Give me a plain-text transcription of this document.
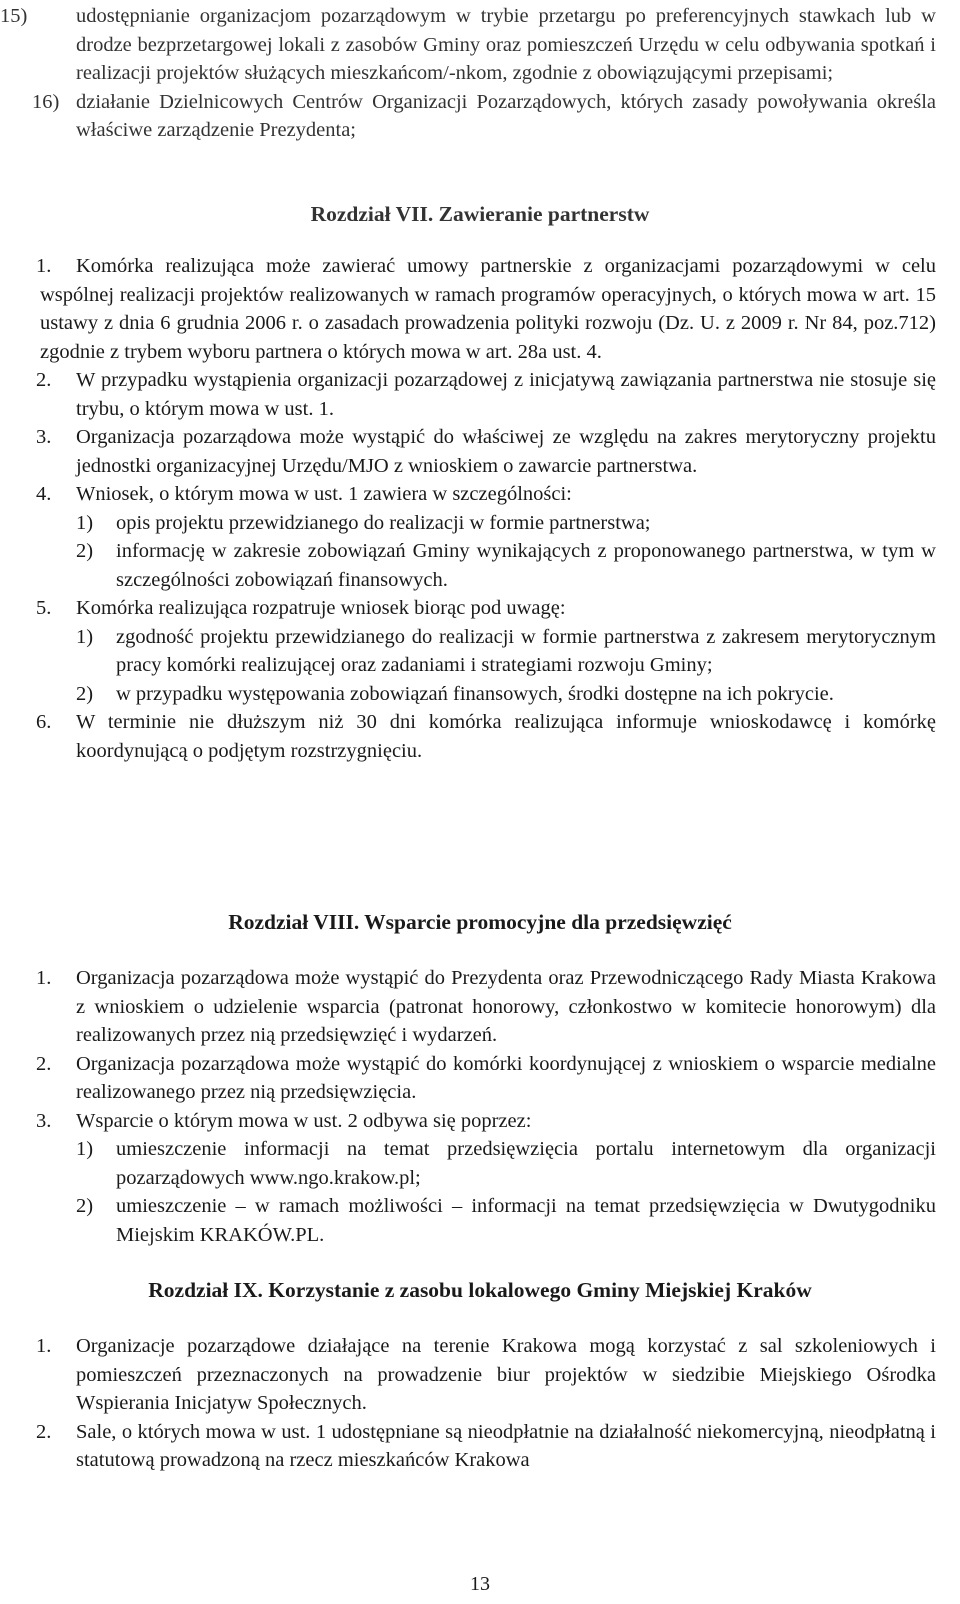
15) udostępnianie organizacjom pozarządowym w trybie przetargu po preferencyjnych stawkach lub w drodze bezprzetargowej lokali z zasobów Gminy oraz pomieszczeń Urzędu w celu odbywania spotkań i realizacji projektów służących mieszkańcom/-nkom, zgodnie z obowiązującymi przepisami;
16) działanie Dzielnicowych Centrów Organizacji Pozarządowych, których zasady powoływania określa właściwe zarządzenie Prezydenta;
Rozdział VII. Zawieranie partnerstw
1.	Komórka realizująca może zawierać umowy partnerskie z organizacjami pozarządowymi w celu wspólnej realizacji projektów realizowanych w ramach programów operacyjnych, o których mowa w art. 15 ustawy z dnia 6 grudnia 2006 r. o zasadach prowadzenia polityki rozwoju (Dz. U. z 2009 r. Nr 84, poz.712) zgodnie z trybem wyboru partnera o których mowa w art. 28a ust. 4.
2. W przypadku wystąpienia organizacji pozarządowej z inicjatywą zawiązania partnerstwa nie stosuje się trybu, o którym mowa w ust. 1.
3. Organizacja pozarządowa może wystąpić do właściwej ze względu na zakres merytoryczny projektu jednostki organizacyjnej Urzędu/MJO z wnioskiem o zawarcie partnerstwa.
4. Wniosek, o którym mowa w ust. 1 zawiera w szczególności:
1) opis projektu przewidzianego do realizacji w formie partnerstwa;
2) informację w zakresie zobowiązań Gminy wynikających z proponowanego partnerstwa, w tym w szczególności zobowiązań finansowych.
5. Komórka realizująca rozpatruje wniosek biorąc pod uwagę:
1) zgodność projektu przewidzianego do realizacji w formie partnerstwa z zakresem merytorycznym pracy komórki realizującej oraz zadaniami i strategiami rozwoju Gminy;
2) w przypadku występowania zobowiązań finansowych, środki dostępne na ich pokrycie.
6. W terminie nie dłuższym niż 30 dni komórka realizująca informuje wnioskodawcę i komórkę koordynującą o podjętym rozstrzygnięciu.
Rozdział VIII. Wsparcie promocyjne dla przedsięwzięć
1. Organizacja pozarządowa może wystąpić do Prezydenta oraz Przewodniczącego Rady Miasta Krakowa z wnioskiem o udzielenie wsparcia (patronat honorowy, członkostwo w komitecie honorowym) dla realizowanych przez nią przedsięwzięć i wydarzeń.
2. Organizacja pozarządowa może wystąpić do komórki koordynującej z wnioskiem o wsparcie medialne realizowanego przez nią przedsięwzięcia.
3. Wsparcie o którym mowa w ust. 2 odbywa się poprzez:
1) umieszczenie informacji na temat przedsięwzięcia portalu internetowym dla organizacji pozarządowych www.ngo.krakow.pl;
2) umieszczenie – w ramach możliwości – informacji na temat przedsięwzięcia w Dwutygodniku Miejskim KRAKÓW.PL.
Rozdział IX. Korzystanie z zasobu lokalowego Gminy Miejskiej Kraków
1. Organizacje pozarządowe działające na terenie Krakowa mogą korzystać z sal szkoleniowych i pomieszczeń przeznaczonych na prowadzenie biur projektów w siedzibie Miejskiego Ośrodka Wspierania Inicjatyw Społecznych.
2. Sale, o których mowa w ust. 1 udostępniane są nieodpłatnie na działalność niekomercyjną, nieodpłatną i statutową prowadzoną na rzecz mieszkańców Krakowa
13
